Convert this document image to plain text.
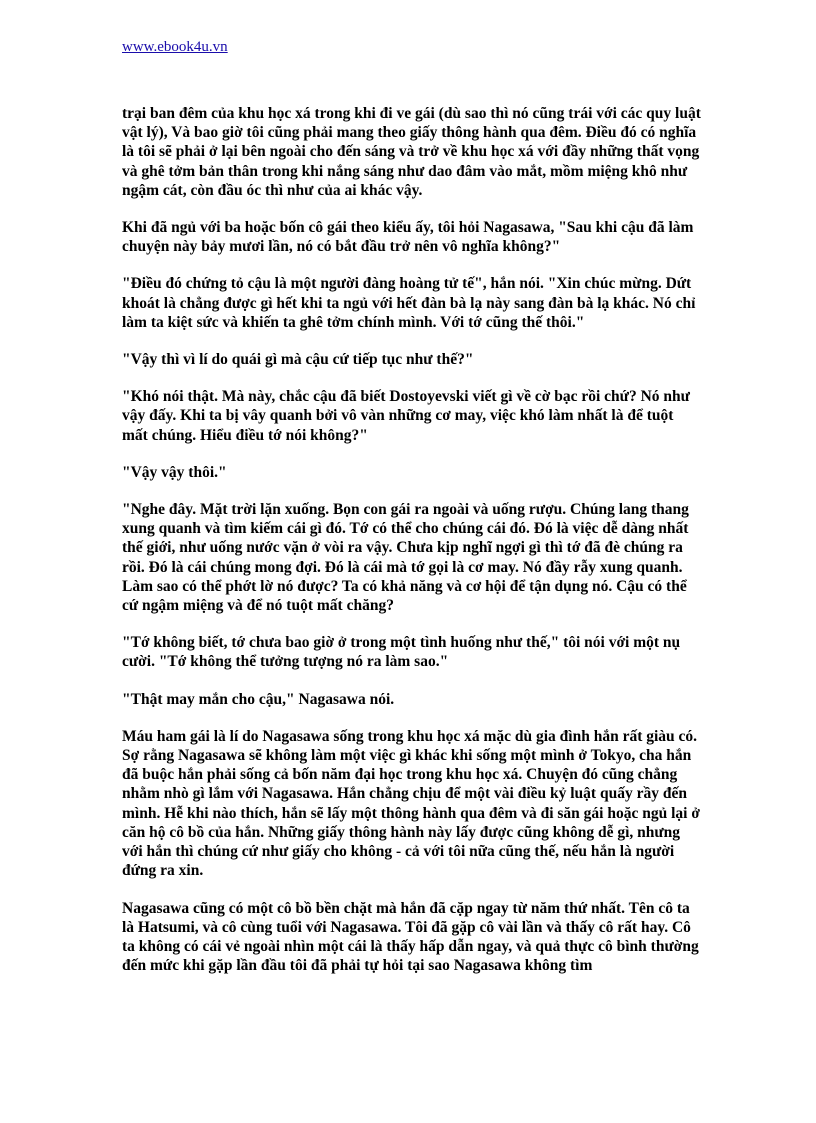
www.ebook4u.vn

trại ban đêm của khu học xá trong khi đi ve gái (dù sao thì nó cũng trái với các quy luật vật lý), Và bao giờ tôi cũng phải mang theo giấy thông hành qua đêm. Điều đó có nghĩa là tôi sẽ phải ở lại bên ngoài cho đến sáng và trở về khu học xá với đầy những thất vọng và ghê tởm bản thân trong khi nắng sáng như dao đâm vào mắt, mồm miệng khô như ngậm cát, còn đầu óc thì như của ai khác vậy.

Khi đã ngủ với ba hoặc bốn cô gái theo kiểu ấy, tôi hỏi Nagasawa, "Sau khi cậu đã làm chuyện này bảy mươi lần, nó có bắt đầu trở nên vô nghĩa không?"

"Điều đó chứng tỏ cậu là một người đàng hoàng tử tế", hắn nói. "Xin chúc mừng. Dứt khoát là chẳng được gì hết khi ta ngủ với hết đàn bà lạ này sang đàn bà lạ khác. Nó chỉ làm ta kiệt sức và khiến ta ghê tởm chính mình. Với tớ cũng thế thôi."

"Vậy thì vì lí do quái gì mà cậu cứ tiếp tục như thế?"

"Khó nói thật. Mà này, chắc cậu đã biết Dostoyevski viết gì về cờ bạc rồi chứ? Nó như vậy đấy. Khi ta bị vây quanh bởi vô vàn những cơ may, việc khó làm nhất là để tuột mất chúng. Hiểu điều tớ nói không?"

"Vậy vậy thôi."

"Nghe đây. Mặt trời lặn xuống. Bọn con gái ra ngoài và uống rượu. Chúng lang thang xung quanh và tìm kiếm cái gì đó. Tớ có thể cho chúng cái đó. Đó là việc dễ dàng nhất thế giới, như uống nước vặn ở vòi ra vậy. Chưa kịp nghĩ ngợi gì thì tớ đã đè chúng ra rồi. Đó là cái chúng mong đợi. Đó là cái mà tớ gọi là cơ may. Nó đầy rẫy xung quanh. Làm sao có thể phớt lờ nó được? Ta có khả năng và cơ hội để tận dụng nó. Cậu có thể cứ ngậm miệng và để nó tuột mất chăng?

"Tớ không biết, tớ chưa bao giờ ở trong một tình huống như thế," tôi nói với một nụ cười. "Tớ không thể tưởng tượng nó ra làm sao."

"Thật may mắn cho cậu," Nagasawa nói.

Máu ham gái là lí do Nagasawa sống trong khu học xá mặc dù gia đình hắn rất giàu có. Sợ rằng Nagasawa sẽ không làm một việc gì khác khi sống một mình ở Tokyo, cha hắn đã buộc hắn phải sống cả bốn năm đại học trong khu học xá. Chuyện đó cũng chẳng nhằm nhò gì lắm với Nagasawa. Hắn chẳng chịu để một vài điều kỷ luật quấy rầy đến mình. Hễ khi nào thích, hắn sẽ lấy một thông hành qua đêm và đi săn gái hoặc ngủ lại ở căn hộ cô bồ của hắn. Những giấy thông hành này lấy được cũng không dễ gì, nhưng với hắn thì chúng cứ như giấy cho không - cả với tôi nữa cũng thế, nếu hắn là người đứng ra xin.

Nagasawa cũng có một cô bồ bền chặt mà hắn đã cặp ngay từ năm thứ nhất. Tên cô ta là Hatsumi, và cô cùng tuổi với Nagasawa. Tôi đã gặp cô vài lần và thấy cô rất hay. Cô ta không có cái vẻ ngoài nhìn một cái là thấy hấp dẫn ngay, và quả thực cô bình thường đến mức khi gặp lần đầu tôi đã phải tự hỏi tại sao Nagasawa không tìm
